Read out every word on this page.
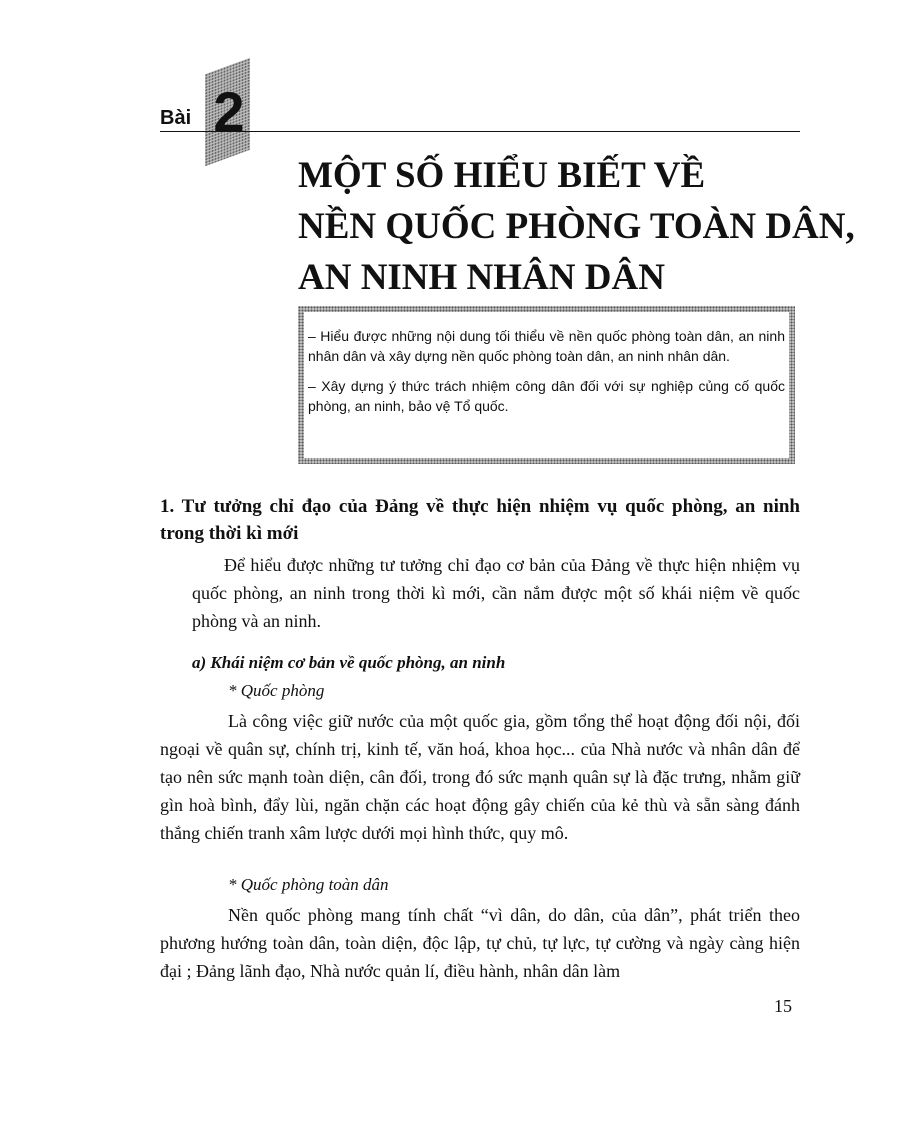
Bài 2
MỘT SỐ HIỂU BIẾT VỀ
NỀN QUỐC PHÒNG TOÀN DÂN,
AN NINH NHÂN DÂN

– Hiểu được những nội dung tối thiểu về nền quốc phòng toàn dân, an ninh nhân dân và xây dựng nền quốc phòng toàn dân, an ninh nhân dân.

– Xây dựng ý thức trách nhiệm công dân đối với sự nghiệp củng cố quốc phòng, an ninh, bảo vệ Tổ quốc.

1. Tư tưởng chỉ đạo của Đảng về thực hiện nhiệm vụ quốc phòng, an ninh trong thời kì mới

Để hiểu được những tư tưởng chỉ đạo cơ bản của Đảng về thực hiện nhiệm vụ quốc phòng, an ninh trong thời kì mới, cần nắm được một số khái niệm về quốc phòng và an ninh.

a) Khái niệm cơ bản về quốc phòng, an ninh

* Quốc phòng

Là công việc giữ nước của một quốc gia, gồm tổng thể hoạt động đối nội, đối ngoại về quân sự, chính trị, kinh tế, văn hoá, khoa học... của Nhà nước và nhân dân để tạo nên sức mạnh toàn diện, cân đối, trong đó sức mạnh quân sự là đặc trưng, nhằm giữ gìn hoà bình, đẩy lùi, ngăn chặn các hoạt động gây chiến của kẻ thù và sẵn sàng đánh thắng chiến tranh xâm lược dưới mọi hình thức, quy mô.

* Quốc phòng toàn dân

Nền quốc phòng mang tính chất “vì dân, do dân, của dân”, phát triển theo phương hướng toàn dân, toàn diện, độc lập, tự chủ, tự lực, tự cường và ngày càng hiện đại ; Đảng lãnh đạo, Nhà nước quản lí, điều hành, nhân dân làm

15
